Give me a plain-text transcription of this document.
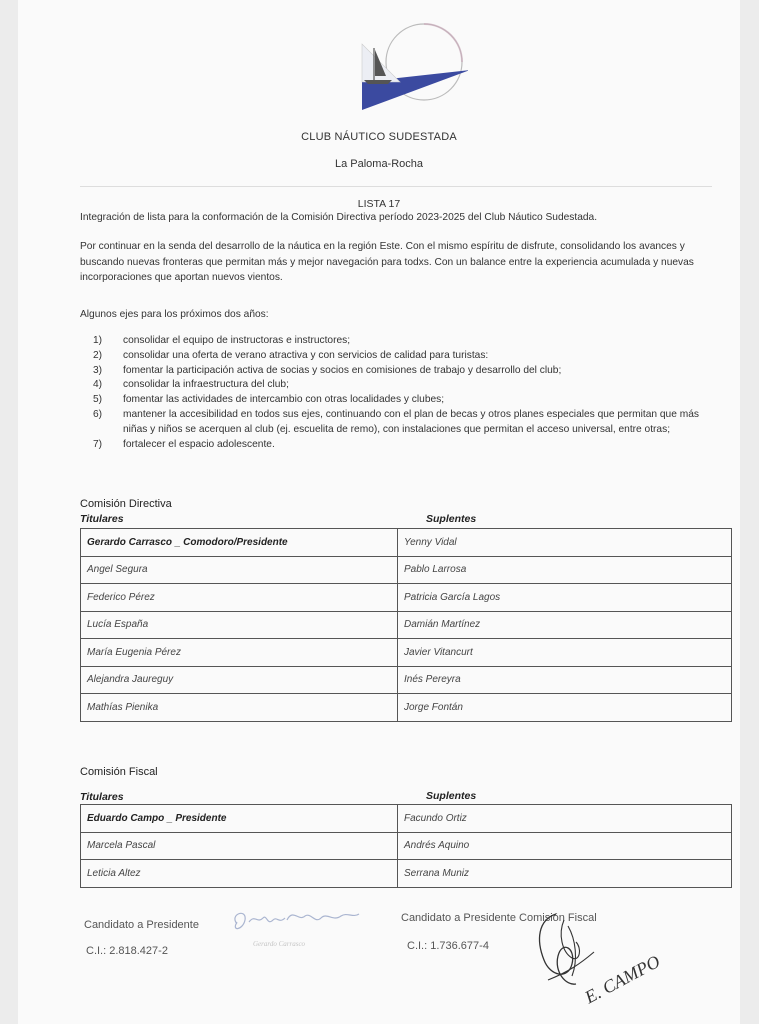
CLUB NÁUTICO SUDESTADA
La Paloma-Rocha
LISTA 17
Integración de lista para la conformación de la Comisión Directiva período 2023-2025 del Club Náutico Sudestada.
Por continuar en la senda del desarrollo de la náutica en la región Este. Con el mismo espíritu de disfrute, consolidando los avances y buscando nuevas fronteras que permitan más y mejor navegación para todxs. Con un balance entre la experiencia acumulada y nuevas incorporaciones que aportan nuevos vientos.
Algunos ejes para los próximos dos años:
1) consolidar el equipo de instructoras e instructores;
2) consolidar una oferta de verano atractiva y con servicios de calidad para turistas:
3) fomentar la participación activa de socias y socios en comisiones de trabajo y desarrollo del club;
4) consolidar la infraestructura del club;
5) fomentar las actividades de intercambio con otras localidades y clubes;
6) mantener la accesibilidad en todos sus ejes, continuando con el plan de becas y otros planes especiales que permitan que más niñas y niños se acerquen al club (ej. escuelita de remo), con instalaciones que permitan el acceso universal, entre otras;
7) fortalecer el espacio adolescente.
Comisión Directiva
Titulares	Suplentes
Gerardo Carrasco _ Comodoro/Presidente	Yenny Vidal
Angel Segura	Pablo Larrosa
Federico Pérez	Patricia García Lagos
Lucía España	Damián Martínez
María Eugenia Pérez	Javier Vitancurt
Alejandra Jaureguy	Inés Pereyra
Mathías Pienika	Jorge Fontán
Comisión Fiscal
Titulares	Suplentes
Eduardo Campo _ Presidente	Facundo Ortiz
Marcela Pascal	Andrés Aquino
Leticia Altez	Serrana Muniz
Candidato a Presidente
C.I.: 2.818.427-2
Gerardo Carrasco
Candidato a Presidente Comisión Fiscal
C.I.: 1.736.677-4
E. CAMPO
